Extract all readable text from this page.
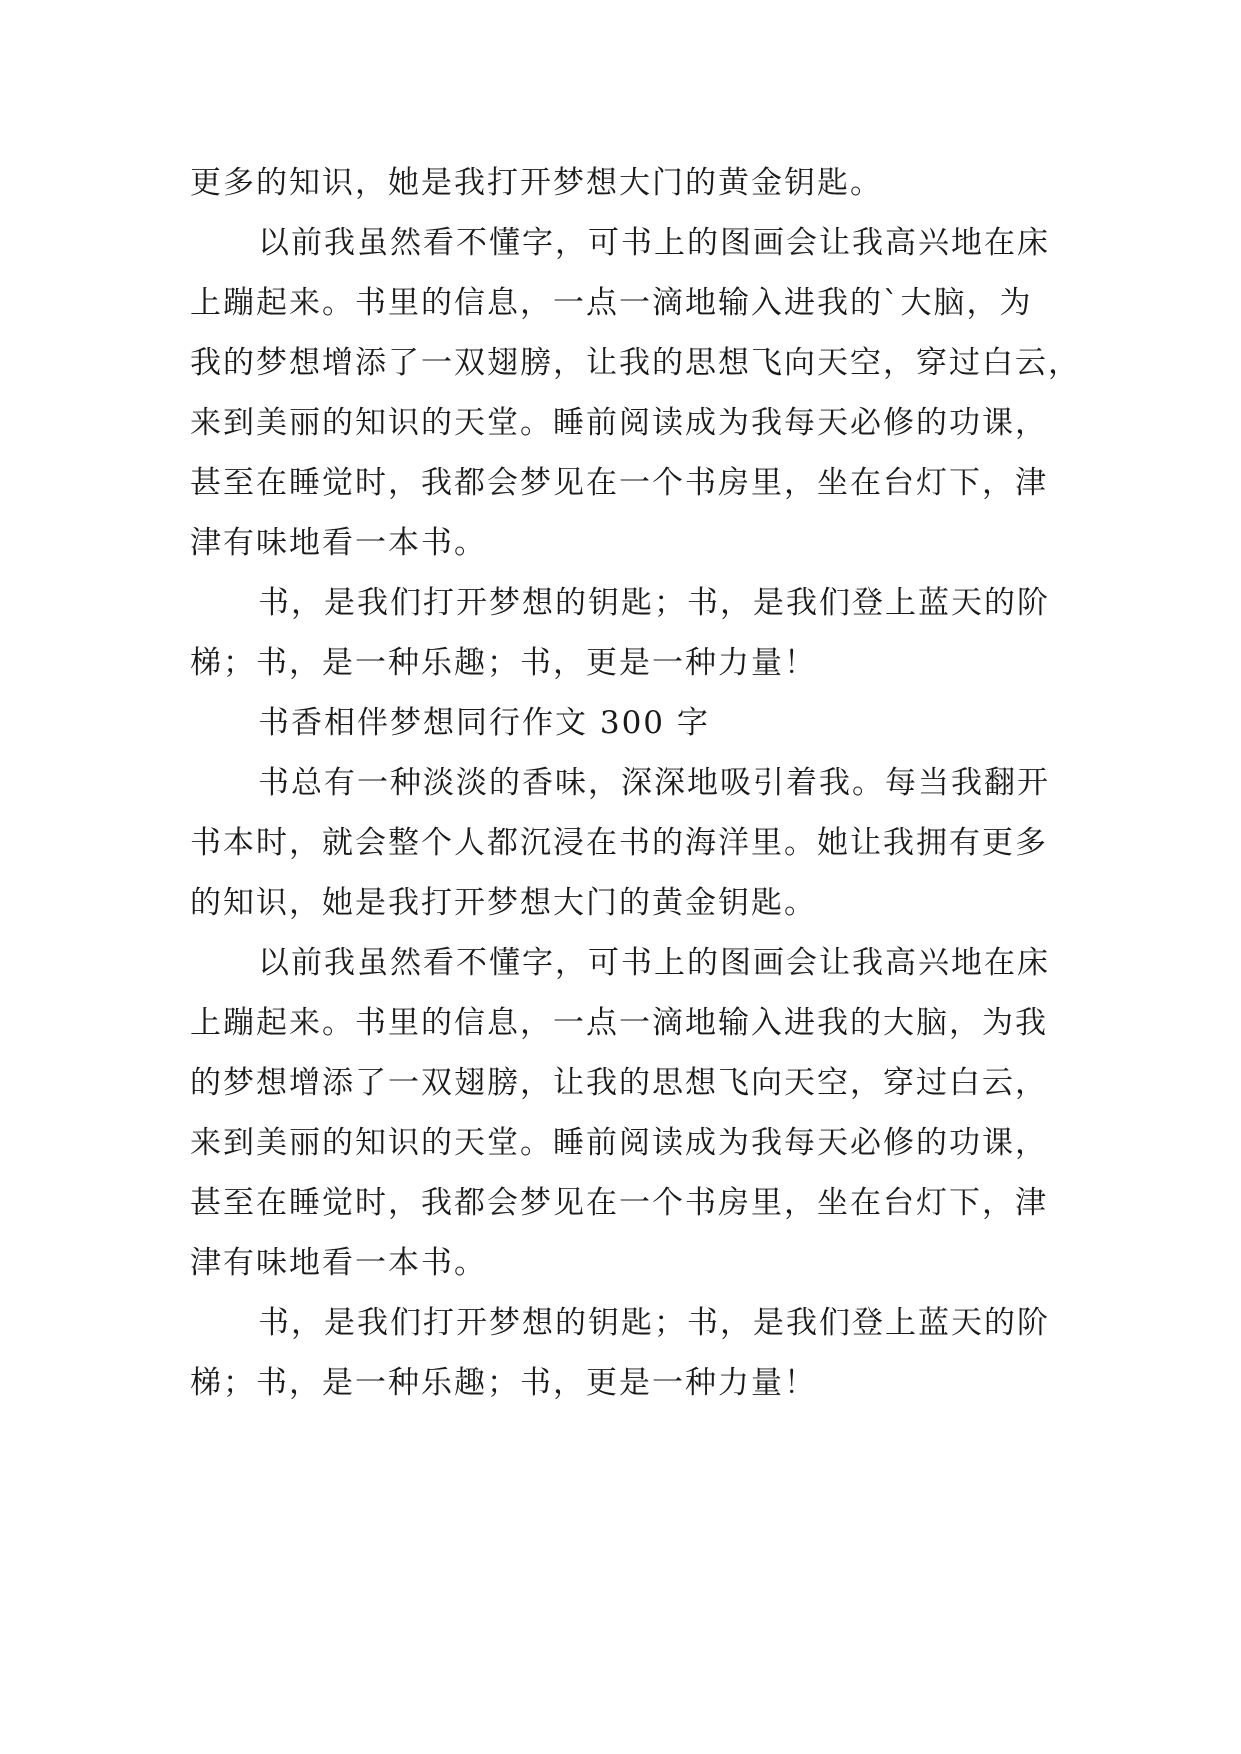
更多的知识，她是我打开梦想大门的黄金钥匙。
以前我虽然看不懂字，可书上的图画会让我高兴地在床
上蹦起来。书里的信息，一点一滴地输入进我的`大脑，为
我的梦想增添了一双翅膀，让我的思想飞向天空，穿过白云，
来到美丽的知识的天堂。睡前阅读成为我每天必修的功课，
甚至在睡觉时，我都会梦见在一个书房里，坐在台灯下，津
津有味地看一本书。
书，是我们打开梦想的钥匙；书，是我们登上蓝天的阶
梯；书，是一种乐趣；书，更是一种力量！
书香相伴梦想同行作文 300 字
书总有一种淡淡的香味，深深地吸引着我。每当我翻开
书本时，就会整个人都沉浸在书的海洋里。她让我拥有更多
的知识，她是我打开梦想大门的黄金钥匙。
以前我虽然看不懂字，可书上的图画会让我高兴地在床
上蹦起来。书里的信息，一点一滴地输入进我的大脑，为我
的梦想增添了一双翅膀，让我的思想飞向天空，穿过白云，
来到美丽的知识的天堂。睡前阅读成为我每天必修的功课，
甚至在睡觉时，我都会梦见在一个书房里，坐在台灯下，津
津有味地看一本书。
书，是我们打开梦想的钥匙；书，是我们登上蓝天的阶
梯；书，是一种乐趣；书，更是一种力量！
